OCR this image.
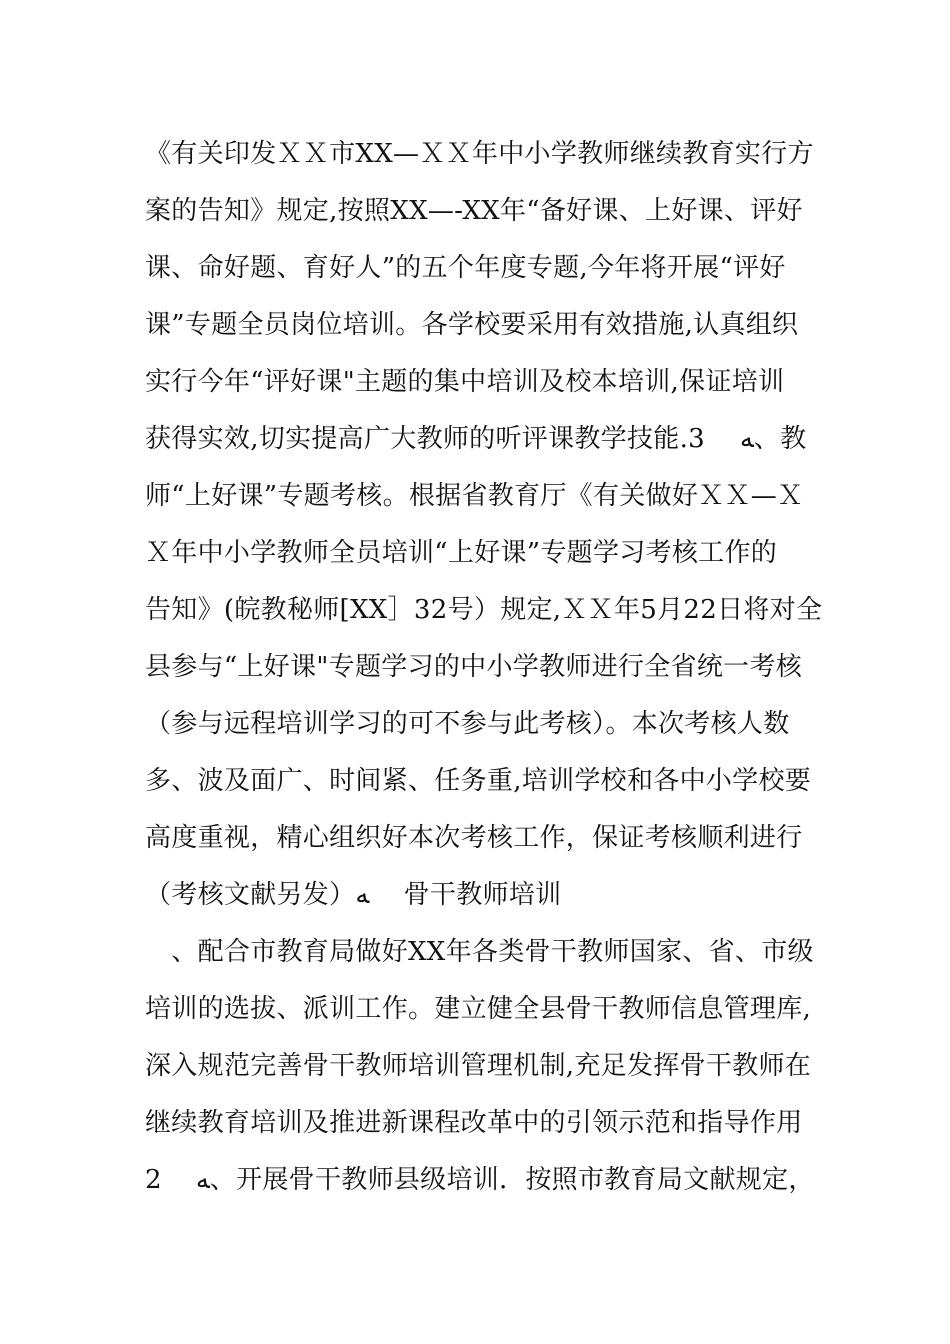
《有关印发ＸＸ市XX—ＸＸ年中小学教师继续教育实行方
案的告知》规定,按照XX—-XX年“备好课、上好课、评好
课、命好题、育好人”的五个年度专题,今年将开展“评好
课”专题全员岗位培训。各学校要采用有效措施,认真组织
实行今年“评好课"主题的集中培训及校本培训,保证培训
获得实效,切实提高广大教师的听评课教学技能.3　 ﻪ、教
师“上好课”专题考核。根据省教育厅《有关做好ＸＸ—Ｘ
Ｘ年中小学教师全员培训“上好课”专题学习考核工作的
告知》(皖教秘师[XX］32号）规定,ＸＸ年5月22日将对全
县参与“上好课"专题学习的中小学教师进行全省统一考核
（参与远程培训学习的可不参与此考核）。本次考核人数
多、波及面广、时间紧、任务重,培训学校和各中小学校要
高度重视，精心组织好本次考核工作，保证考核顺利进行
（考核文献另发）ﻪ　 骨干教师培训
　、配合市教育局做好XX年各类骨干教师国家、省、市级
培训的选拔、派训工作。建立健全县骨干教师信息管理库,
深入规范完善骨干教师培训管理机制,充足发挥骨干教师在
继续教育培训及推进新课程改革中的引领示范和指导作用
2　 ﻪ、开展骨干教师县级培训．按照市教育局文献规定，
